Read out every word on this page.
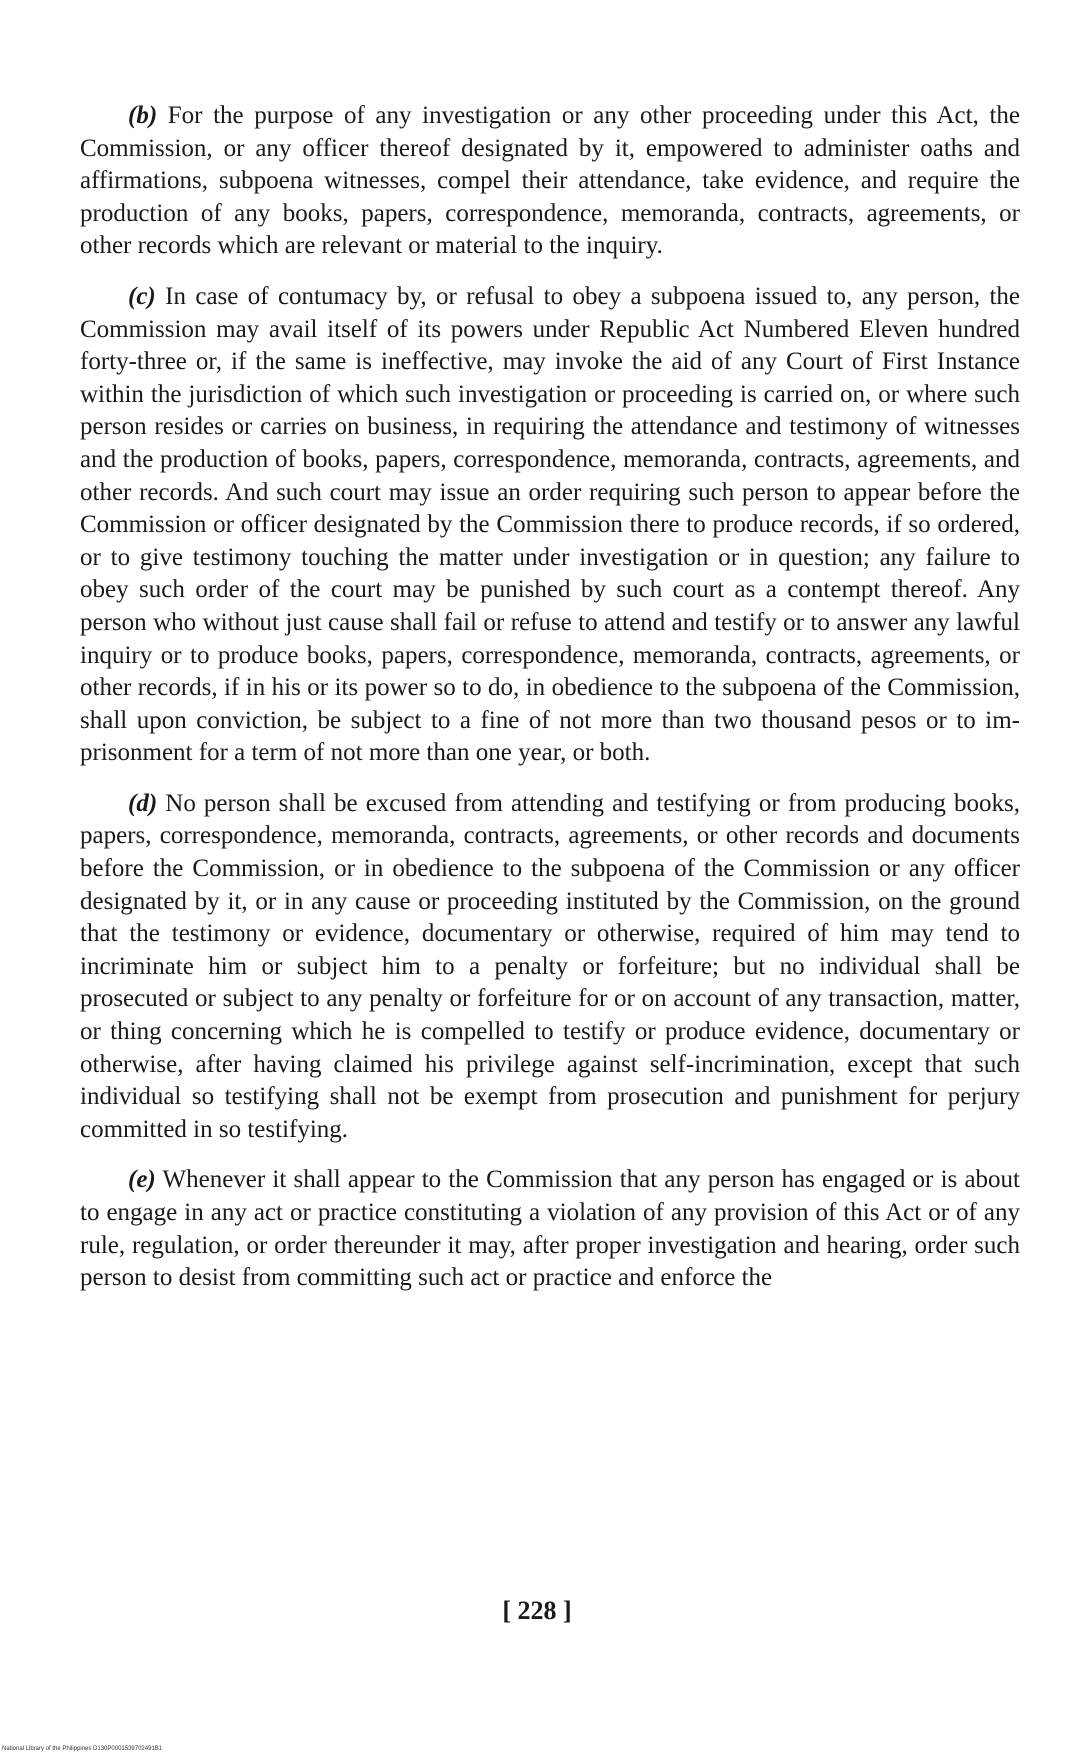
(b) For the purpose of any investigation or any other proceeding under this Act, the Commission, or any officer thereof designated by it, empowered to administer oaths and affirmations, subpoena witnesses, compel their attendance, take evidence, and require the production of any books, papers, correspondence, memoranda, contracts, agreements, or other records which are relevant or material to the inquiry.

(c) In case of contumacy by, or refusal to obey a subpoena issued to, any person, the Commission may avail itself of its powers under Republic Act Numbered Eleven hundred forty-three or, if the same is ineffective, may invoke the aid of any Court of First Instance within the jurisdiction of which such investigation or proceeding is carried on, or where such person resides or carries on business, in requiring the attendance and testimony of witnesses and the production of books, papers, correspondence, memoranda, contracts, agreements, and other records. And such court may issue an order requiring such person to appear before the Commission or officer designated by the Commission there to produce records, if so ordered, or to give testimony touching the matter under investigation or in question; any failure to obey such order of the court may be punished by such court as a contempt thereof. Any person who without just cause shall fail or refuse to attend and testify or to answer any lawful inquiry or to produce books, papers, correspondence, memoranda, contracts, agreements, or other records, if in his or its power so to do, in obedience to the subpoena of the Commission, shall upon conviction, be subject to a fine of not more than two thousand pesos or to imprisonment for a term of not more than one year, or both.

(d) No person shall be excused from attending and testifying or from producing books, papers, correspondence, memoranda, contracts, agreements, or other records and documents before the Commission, or in obedience to the subpoena of the Commission or any officer designated by it, or in any cause or proceeding instituted by the Commission, on the ground that the testimony or evidence, documentary or otherwise, required of him may tend to incriminate him or subject him to a penalty or forfeiture; but no individual shall be prosecuted or subject to any penalty or forfeiture for or on account of any transaction, matter, or thing concerning which he is compelled to testify or produce evidence, documentary or otherwise, after having claimed his privilege against self-incrimination, except that such individual so testifying shall not be exempt from prosecution and punishment for perjury committed in so testifying.

(e) Whenever it shall appear to the Commission that any person has engaged or is about to engage in any act or practice constituting a violation of any provision of this Act or of any rule, regulation, or order thereunder it may, after proper investigation and hearing, order such person to desist from committing such act or practice and enforce the

[ 228 ]
National Library of the Philippines D130P0001539702491B1
